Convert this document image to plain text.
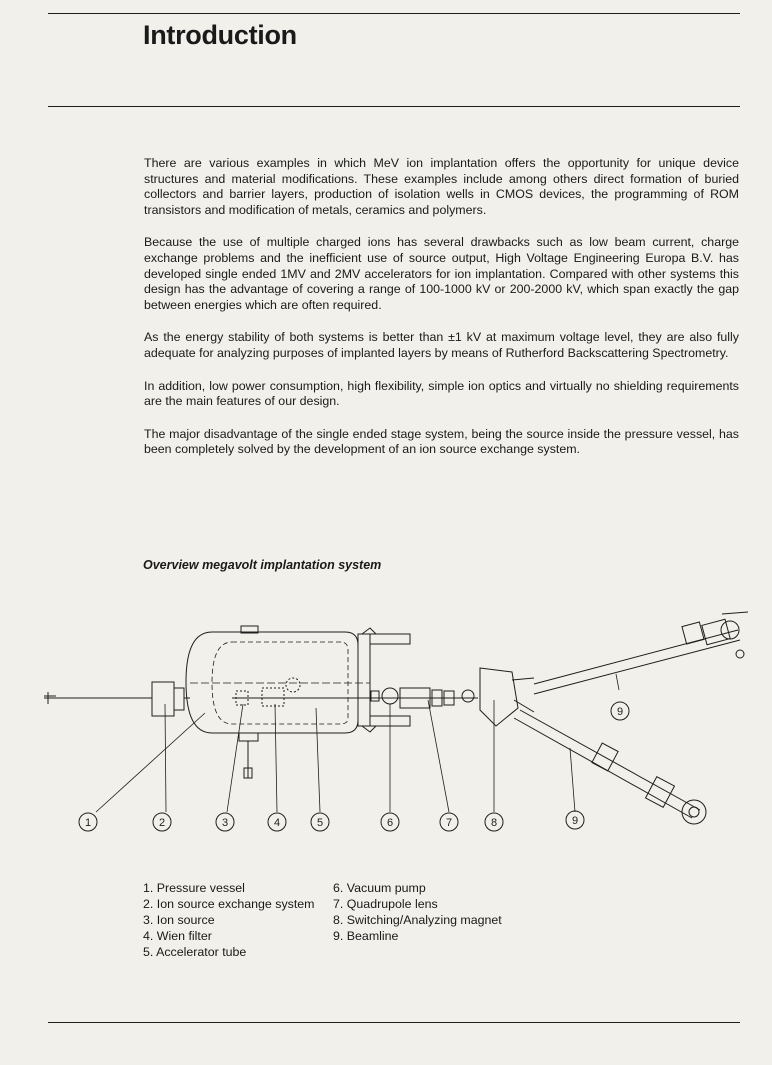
Introduction

There are various examples in which MeV ion implantation offers the opportunity for unique device structures and material modifications. These examples include among others direct formation of buried collectors and barrier layers, production of isolation wells in CMOS devices, the programming of ROM transistors and modification of metals, ceramics and polymers.

Because the use of multiple charged ions has several drawbacks such as low beam current, charge exchange problems and the inefficient use of source output, High Voltage Engineering Europa B.V. has developed single ended 1MV and 2MV accelerators for ion implantation. Compared with other systems this design has the advantage of covering a range of 100-1000 kV or 200-2000 kV, which span exactly the gap between energies which are often required.

As the energy stability of both systems is better than ±1 kV at maximum voltage level, they are also fully adequate for analyzing purposes of implanted layers by means of Rutherford Backscattering Spectrometry.

In addition, low power consumption, high flexibility, simple ion optics and virtually no shielding requirements are the main features of our design.

The major disadvantage of the single ended stage system, being the source inside the pressure vessel, has been completely solved by the development of an ion source exchange system.

Overview megavolt implantation system
1	2	3	4	5	6	7	8
9
9
1. Pressure vessel
2. Ion source exchange system
3. Ion source
4. Wien filter
5. Accelerator tube
6. Vacuum pump
7. Quadrupole lens
8. Switching/Analyzing magnet
9. Beamline
